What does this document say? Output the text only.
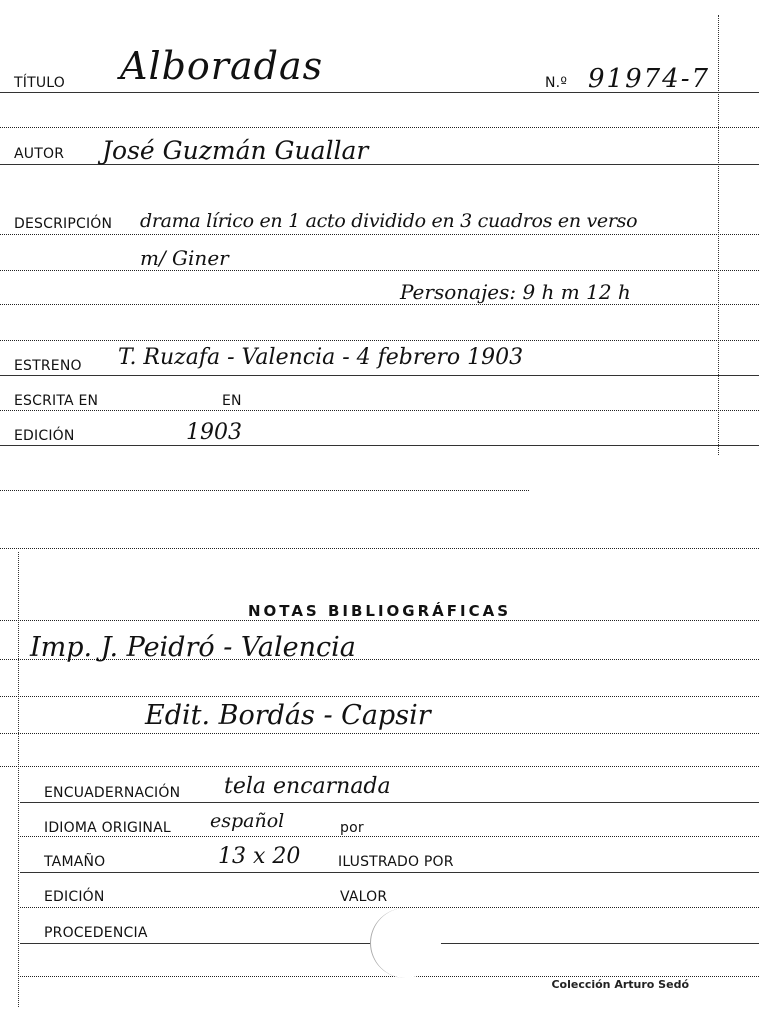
TÍTULO Alboradas	N.º 91974-7
AUTOR José Guzmán Guallar
DESCRIPCIÓN drama lírico en 1 acto dividido en 3 cuadros en verso
m/ Giner
Personajes: 9 h m 12 h
ESTRENO T. Ruzafa - Valencia - 4 febrero 1903
ESCRITA EN	EN
EDICIÓN	1903
NOTAS BIBLIOGRÁFICAS
Imp. J. Peidró - Valencia
Edit. Bordás - Capsir
ENCUADERNACIÓN tela encarnada
IDIOMA ORIGINAL español	por
TAMAÑO	13 x 20	ILUSTRADO POR
EDICIÓN	VALOR
PROCEDENCIA
Colección Arturo Sedó
